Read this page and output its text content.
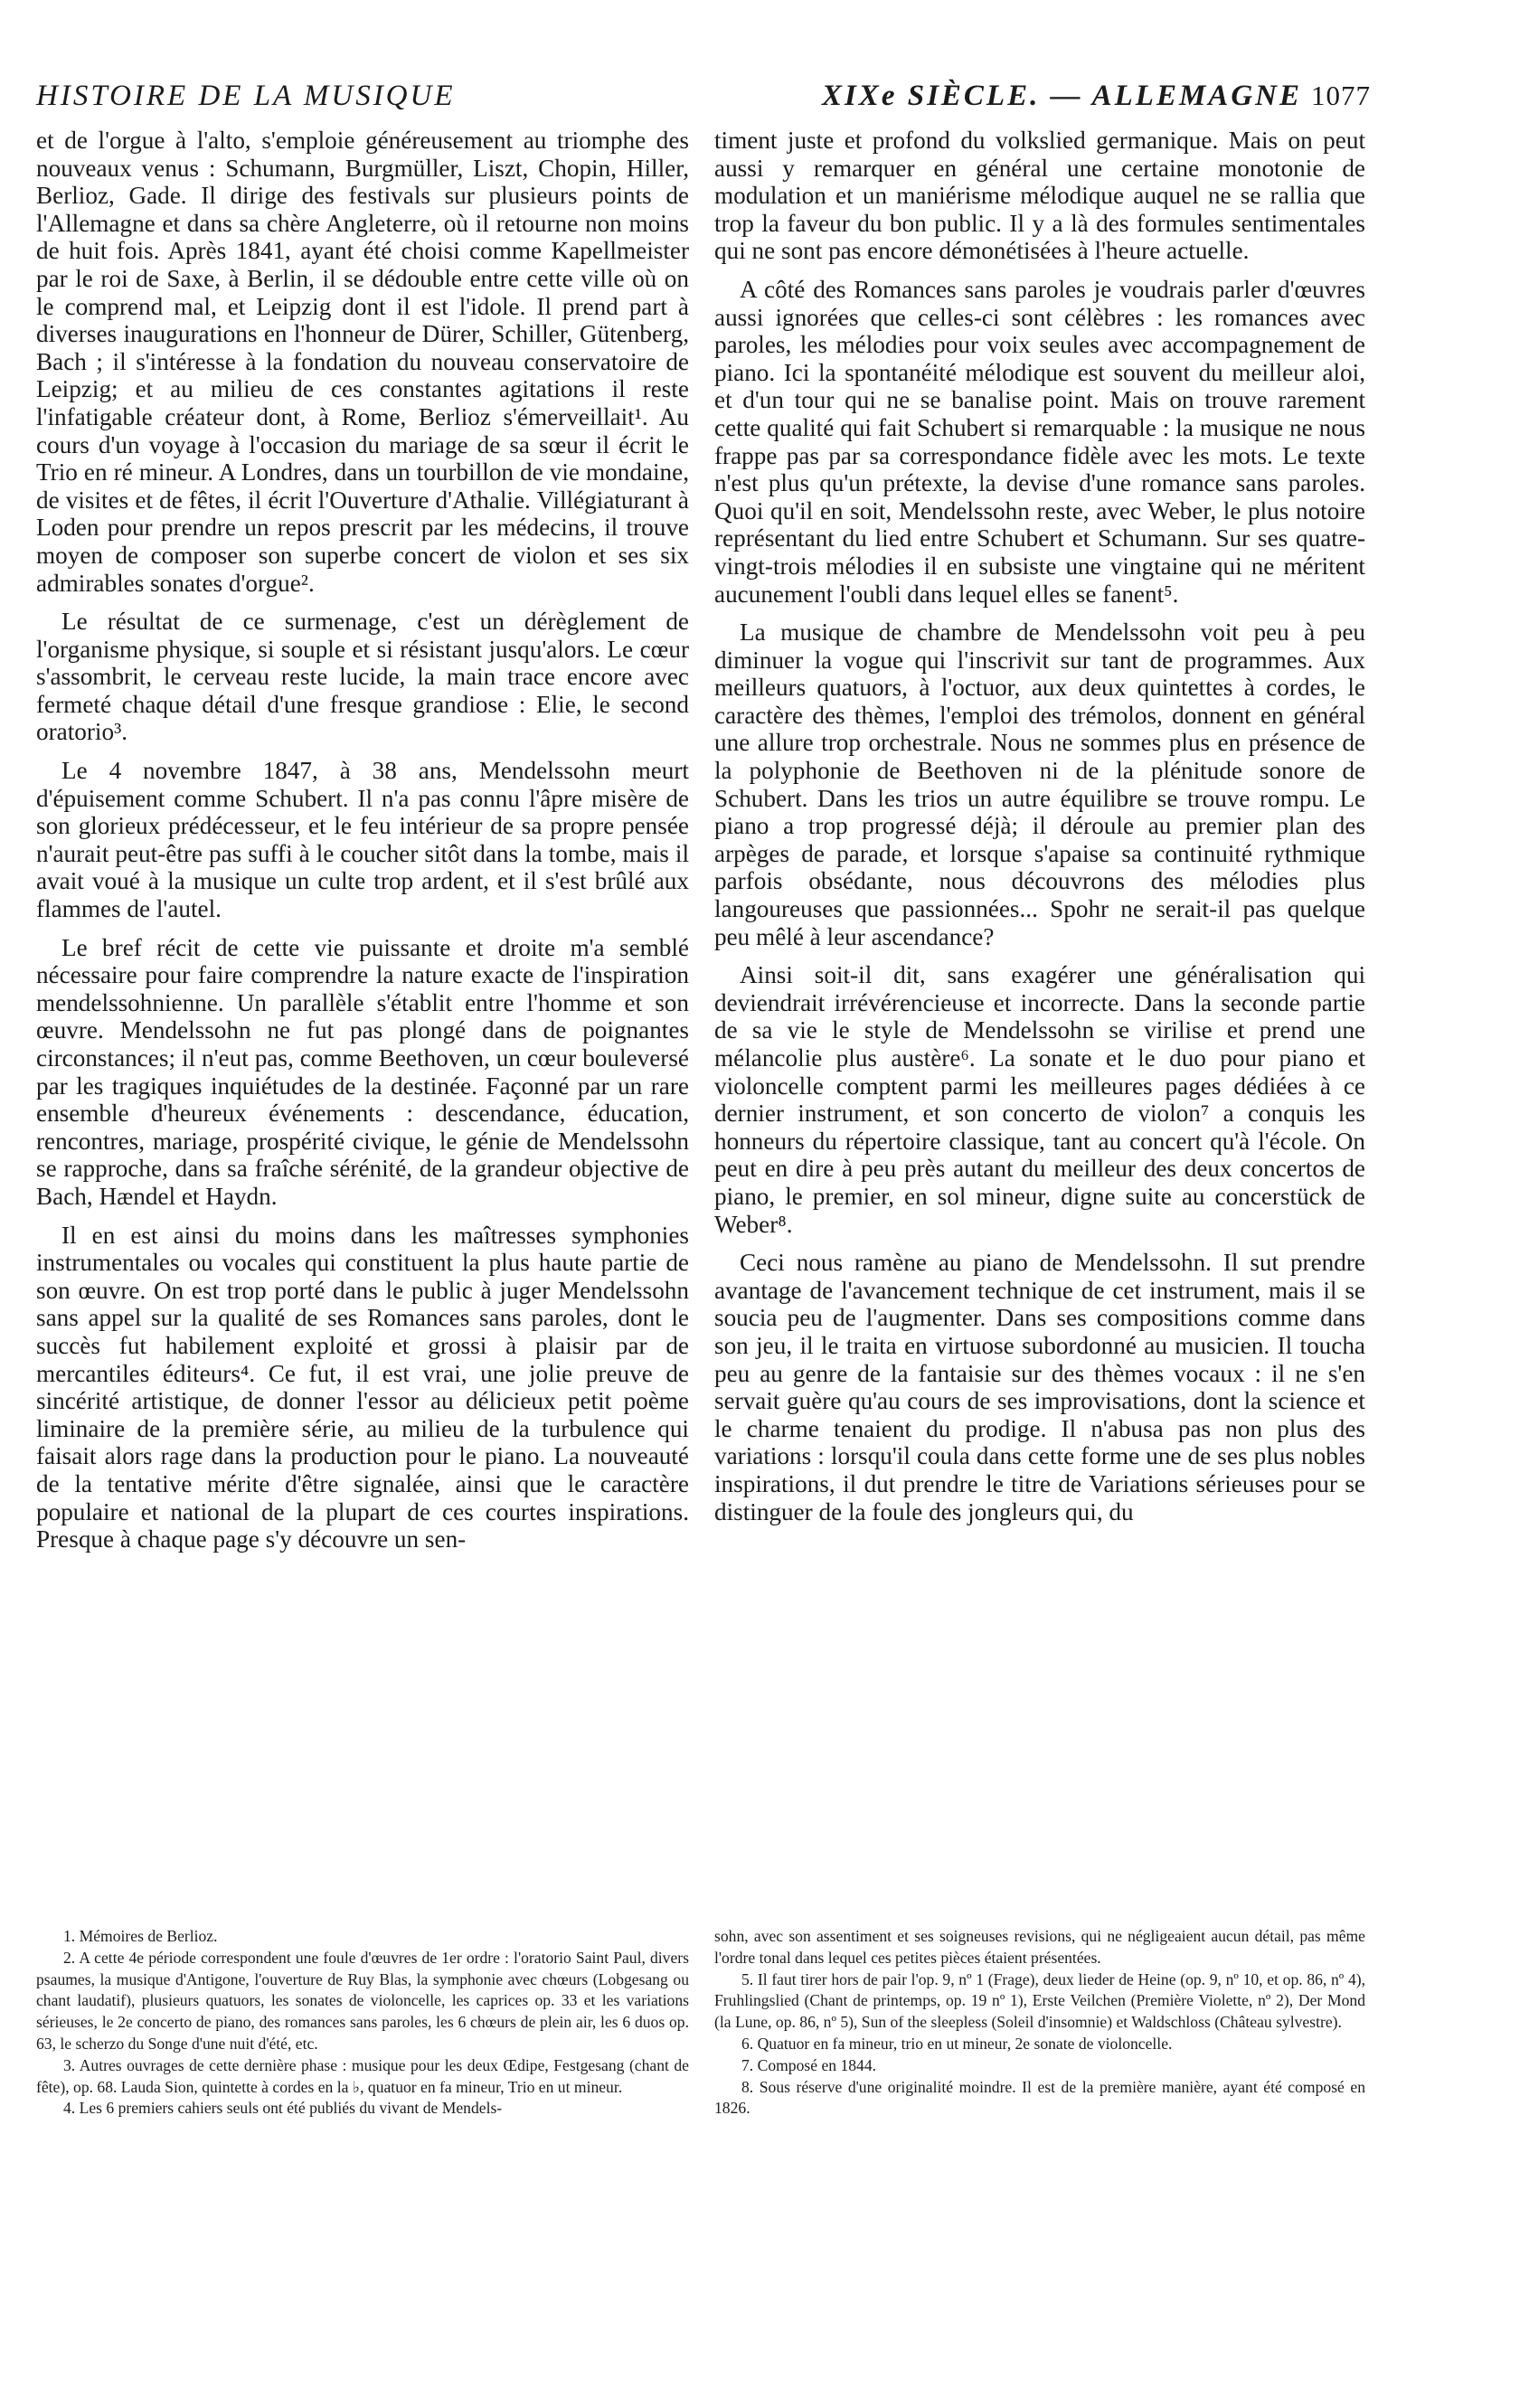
HISTOIRE DE LA MUSIQUE	XIXe SIÈCLE. — ALLEMAGNE 1077

et de l'orgue à l'alto, s'emploie généreusement au triomphe des nouveaux venus : Schumann, Burgmüller, Liszt, Chopin, Hiller, Berlioz, Gade. Il dirige des festivals sur plusieurs points de l'Allemagne et dans sa chère Angleterre, où il retourne non moins de huit fois. Après 1841, ayant été choisi comme Kapellmeister par le roi de Saxe, à Berlin, il se dédouble entre cette ville où on le comprend mal, et Leipzig dont il est l'idole. Il prend part à diverses inaugurations en l'honneur de Dürer, Schiller, Gütenberg, Bach ; il s'intéresse à la fondation du nouveau conservatoire de Leipzig; et au milieu de ces constantes agitations il reste l'infatigable créateur dont, à Rome, Berlioz s'émerveillait¹. Au cours d'un voyage à l'occasion du mariage de sa sœur il écrit le Trio en ré mineur. A Londres, dans un tourbillon de vie mondaine, de visites et de fêtes, il écrit l'Ouverture d'Athalie. Villégiaturant à Loden pour prendre un repos prescrit par les médecins, il trouve moyen de composer son superbe concert de violon et ses six admirables sonates d'orgue².

Le résultat de ce surmenage, c'est un dérèglement de l'organisme physique, si souple et si résistant jusqu'alors. Le cœur s'assombrit, le cerveau reste lucide, la main trace encore avec fermeté chaque détail d'une fresque grandiose : Elie, le second oratorio³.

Le 4 novembre 1847, à 38 ans, Mendelssohn meurt d'épuisement comme Schubert. Il n'a pas connu l'âpre misère de son glorieux prédécesseur, et le feu intérieur de sa propre pensée n'aurait peut-être pas suffi à le coucher sitôt dans la tombe, mais il avait voué à la musique un culte trop ardent, et il s'est brûlé aux flammes de l'autel.

Le bref récit de cette vie puissante et droite m'a semblé nécessaire pour faire comprendre la nature exacte de l'inspiration mendelssohnienne. Un parallèle s'établit entre l'homme et son œuvre. Mendelssohn ne fut pas plongé dans de poignantes circonstances; il n'eut pas, comme Beethoven, un cœur bouleversé par les tragiques inquiétudes de la destinée. Façonné par un rare ensemble d'heureux événements : descendance, éducation, rencontres, mariage, prospérité civique, le génie de Mendelssohn se rapproche, dans sa fraîche sérénité, de la grandeur objective de Bach, Hændel et Haydn.

Il en est ainsi du moins dans les maîtresses symphonies instrumentales ou vocales qui constituent la plus haute partie de son œuvre. On est trop porté dans le public à juger Mendelssohn sans appel sur la qualité de ses Romances sans paroles, dont le succès fut habilement exploité et grossi à plaisir par de mercantiles éditeurs⁴. Ce fut, il est vrai, une jolie preuve de sincérité artistique, de donner l'essor au délicieux petit poème liminaire de la première série, au milieu de la turbulence qui faisait alors rage dans la production pour le piano. La nouveauté de la tentative mérite d'être signalée, ainsi que le caractère populaire et national de la plupart de ces courtes inspirations. Presque à chaque page s'y découvre un sen-

timent juste et profond du volkslied germanique. Mais on peut aussi y remarquer en général une certaine monotonie de modulation et un maniérisme mélodique auquel ne se rallia que trop la faveur du bon public. Il y a là des formules sentimentales qui ne sont pas encore démonétisées à l'heure actuelle.

A côté des Romances sans paroles je voudrais parler d'œuvres aussi ignorées que celles-ci sont célèbres : les romances avec paroles, les mélodies pour voix seules avec accompagnement de piano. Ici la spontanéité mélodique est souvent du meilleur aloi, et d'un tour qui ne se banalise point. Mais on trouve rarement cette qualité qui fait Schubert si remarquable : la musique ne nous frappe pas par sa correspondance fidèle avec les mots. Le texte n'est plus qu'un prétexte, la devise d'une romance sans paroles. Quoi qu'il en soit, Mendelssohn reste, avec Weber, le plus notoire représentant du lied entre Schubert et Schumann. Sur ses quatre-vingt-trois mélodies il en subsiste une vingtaine qui ne méritent aucunement l'oubli dans lequel elles se fanent⁵.

La musique de chambre de Mendelssohn voit peu à peu diminuer la vogue qui l'inscrivit sur tant de programmes. Aux meilleurs quatuors, à l'octuor, aux deux quintettes à cordes, le caractère des thèmes, l'emploi des trémolos, donnent en général une allure trop orchestrale. Nous ne sommes plus en présence de la polyphonie de Beethoven ni de la plénitude sonore de Schubert. Dans les trios un autre équilibre se trouve rompu. Le piano a trop progressé déjà; il déroule au premier plan des arpèges de parade, et lorsque s'apaise sa continuité rythmique parfois obsédante, nous découvrons des mélodies plus langoureuses que passionnées... Spohr ne serait-il pas quelque peu mêlé à leur ascendance?

Ainsi soit-il dit, sans exagérer une généralisation qui deviendrait irrévérencieuse et incorrecte. Dans la seconde partie de sa vie le style de Mendelssohn se virilise et prend une mélancolie plus austère⁶. La sonate et le duo pour piano et violoncelle comptent parmi les meilleures pages dédiées à ce dernier instrument, et son concerto de violon⁷ a conquis les honneurs du répertoire classique, tant au concert qu'à l'école. On peut en dire à peu près autant du meilleur des deux concertos de piano, le premier, en sol mineur, digne suite au concerstück de Weber⁸.

Ceci nous ramène au piano de Mendelssohn. Il sut prendre avantage de l'avancement technique de cet instrument, mais il se soucia peu de l'augmenter. Dans ses compositions comme dans son jeu, il le traita en virtuose subordonné au musicien. Il toucha peu au genre de la fantaisie sur des thèmes vocaux : il ne s'en servait guère qu'au cours de ses improvisations, dont la science et le charme tenaient du prodige. Il n'abusa pas non plus des variations : lorsqu'il coula dans cette forme une de ses plus nobles inspirations, il dut prendre le titre de Variations sérieuses pour se distinguer de la foule des jongleurs qui, du

1. Mémoires de Berlioz.

2. A cette 4e période correspondent une foule d'œuvres de 1er ordre : l'oratorio Saint Paul, divers psaumes, la musique d'Antigone, l'ouverture de Ruy Blas, la symphonie avec chœurs (Lobgesang ou chant laudatif), plusieurs quatuors, les sonates de violoncelle, les caprices op. 33 et les variations sérieuses, le 2e concerto de piano, des romances sans paroles, les 6 chœurs de plein air, les 6 duos op. 63, le scherzo du Songe d'une nuit d'été, etc.

3. Autres ouvrages de cette dernière phase : musique pour les deux Œdipe, Festgesang (chant de fête), op. 68. Lauda Sion, quintette à cordes en la ♭, quatuor en fa mineur, Trio en ut mineur.

4. Les 6 premiers cahiers seuls ont été publiés du vivant de Mendels-

sohn, avec son assentiment et ses soigneuses revisions, qui ne négligeaient aucun détail, pas même l'ordre tonal dans lequel ces petites pièces étaient présentées.

5. Il faut tirer hors de pair l'op. 9, nº 1 (Frage), deux lieder de Heine (op. 9, nº 10, et op. 86, nº 4), Fruhlingslied (Chant de printemps, op. 19 nº 1), Erste Veilchen (Première Violette, nº 2), Der Mond (la Lune, op. 86, nº 5), Sun of the sleepless (Soleil d'insomnie) et Waldschloss (Château sylvestre).

6. Quatuor en fa mineur, trio en ut mineur, 2e sonate de violoncelle.

7. Composé en 1844.

8. Sous réserve d'une originalité moindre. Il est de la première manière, ayant été composé en 1826.
